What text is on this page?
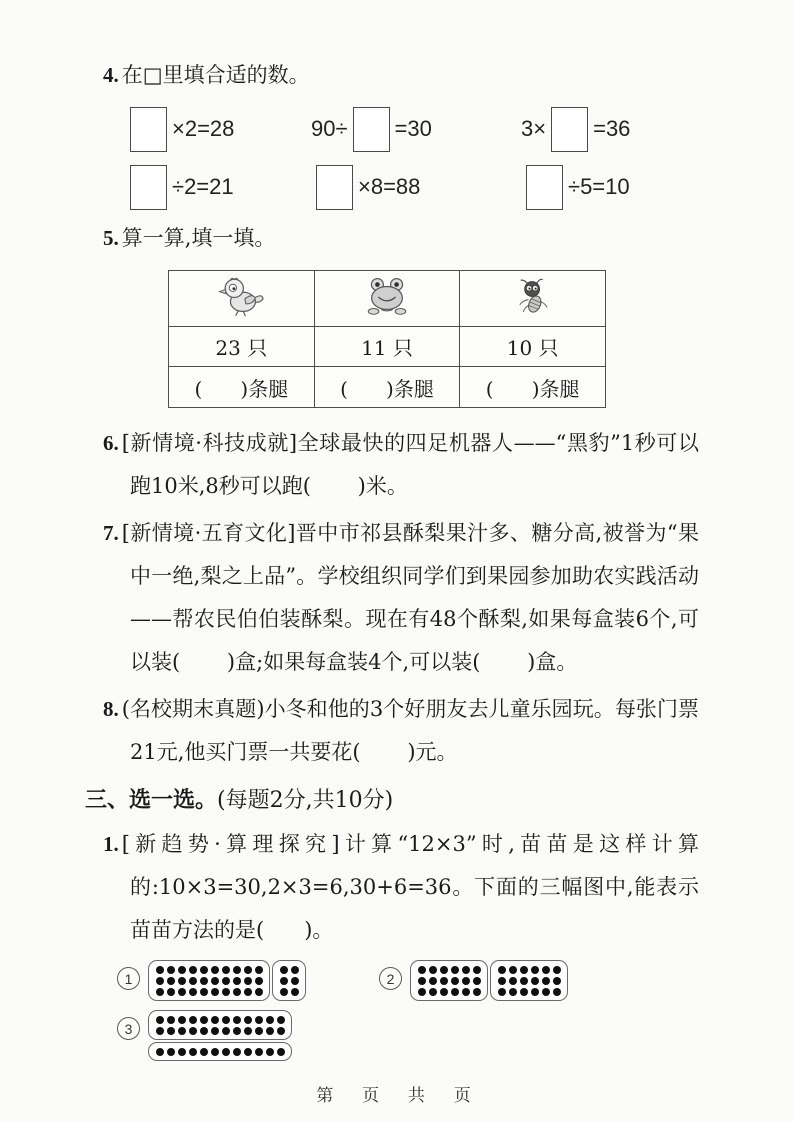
4. 在□里填合适的数。

×2=28	90÷ =30	3× =36
÷2=21	×8=88	÷5=10

5. 算一算,填一填。

23 只	11 只	10 只
(      )条腿	(      )条腿	(      )条腿

6. [新情境·科技成就]全球最快的四足机器人——“黑豹”1秒可以跑10米,8秒可以跑(       )米。

7. [新情境·五育文化]晋中市祁县酥梨果汁多、糖分高,被誉为“果中一绝,梨之上品”。学校组织同学们到果园参加助农实践活动——帮农民伯伯装酥梨。现在有48个酥梨,如果每盒装6个,可以装(       )盒;如果每盒装4个,可以装(       )盒。

8. (名校期末真题)小冬和他的3个好朋友去儿童乐园玩。每张门票21元,他买门票一共要花(       )元。

三、选一选。(每题2分,共10分)

1. [新趋势·算理探究]计算“12×3”时,苗苗是这样计算的:10×3=30,2×3=6,30+6=36。下面的三幅图中,能表示苗苗方法的是(      )。

1	2
3
第  页  共  页
